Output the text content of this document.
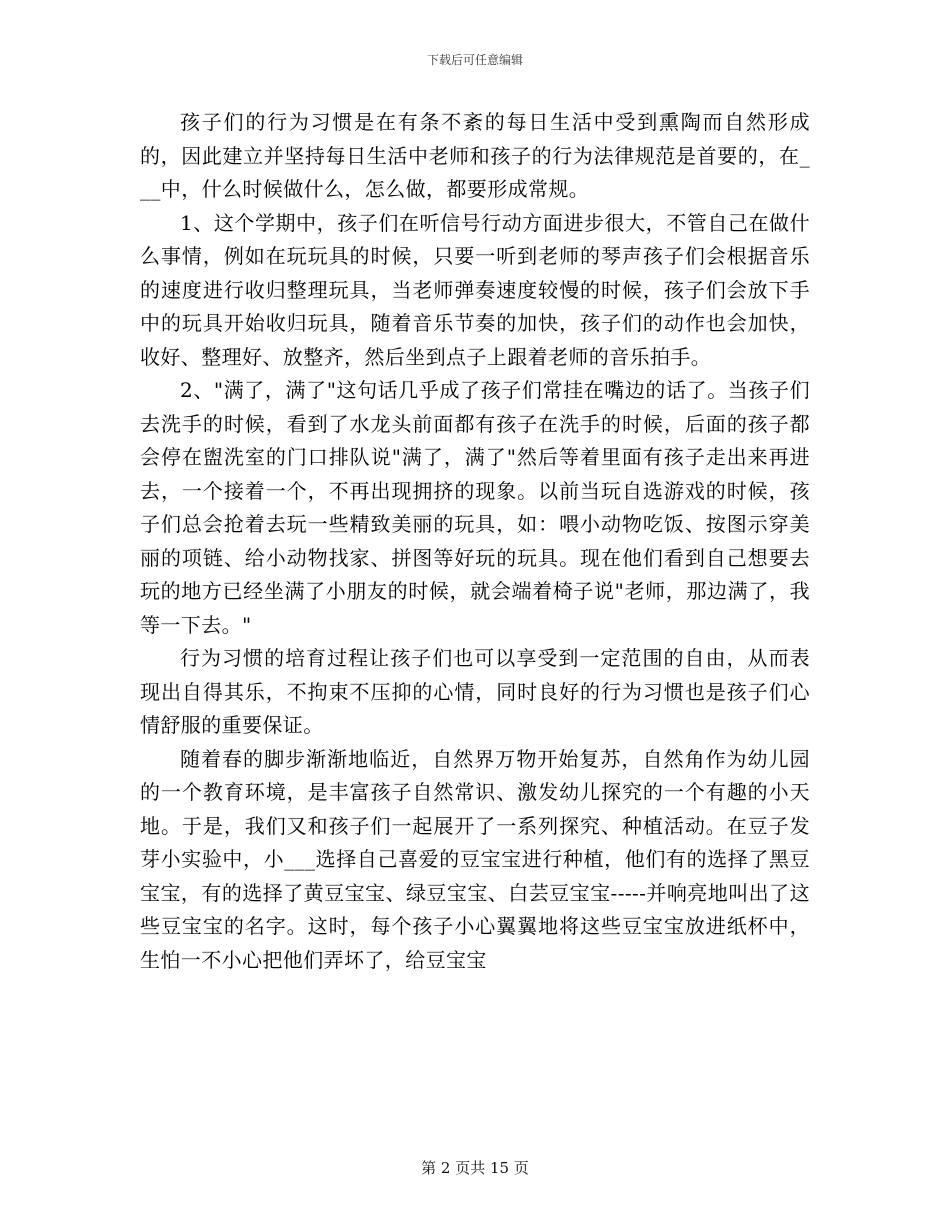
下载后可任意编辑

孩子们的行为习惯是在有条不紊的每日生活中受到熏陶而自然形成的，因此建立并坚持每日生活中老师和孩子的行为法律规范是首要的，在___中，什么时候做什么，怎么做，都要形成常规。

1、这个学期中，孩子们在听信号行动方面进步很大，不管自己在做什么事情，例如在玩玩具的时候，只要一听到老师的琴声孩子们会根据音乐的速度进行收归整理玩具，当老师弹奏速度较慢的时候，孩子们会放下手中的玩具开始收归玩具，随着音乐节奏的加快，孩子们的动作也会加快，收好、整理好、放整齐，然后坐到点子上跟着老师的音乐拍手。

2、"满了，满了"这句话几乎成了孩子们常挂在嘴边的话了。当孩子们去洗手的时候，看到了水龙头前面都有孩子在洗手的时候，后面的孩子都会停在盥洗室的门口排队说"满了，满了"然后等着里面有孩子走出来再进去，一个接着一个，不再出现拥挤的现象。以前当玩自选游戏的时候，孩子们总会抢着去玩一些精致美丽的玩具，如：喂小动物吃饭、按图示穿美丽的项链、给小动物找家、拼图等好玩的玩具。现在他们看到自己想要去玩的地方已经坐满了小朋友的时候，就会端着椅子说"老师，那边满了，我等一下去。"

行为习惯的培育过程让孩子们也可以享受到一定范围的自由，从而表现出自得其乐，不拘束不压抑的心情，同时良好的行为习惯也是孩子们心情舒服的重要保证。

随着春的脚步渐渐地临近，自然界万物开始复苏，自然角作为幼儿园的一个教育环境，是丰富孩子自然常识、激发幼儿探究的一个有趣的小天地。于是，我们又和孩子们一起展开了一系列探究、种植活动。在豆子发芽小实验中，小___选择自己喜爱的豆宝宝进行种植，他们有的选择了黑豆宝宝，有的选择了黄豆宝宝、绿豆宝宝、白芸豆宝宝-----并响亮地叫出了这些豆宝宝的名字。这时，每个孩子小心翼翼地将这些豆宝宝放进纸杯中，生怕一不小心把他们弄坏了，给豆宝宝

第 2 页共 15 页
